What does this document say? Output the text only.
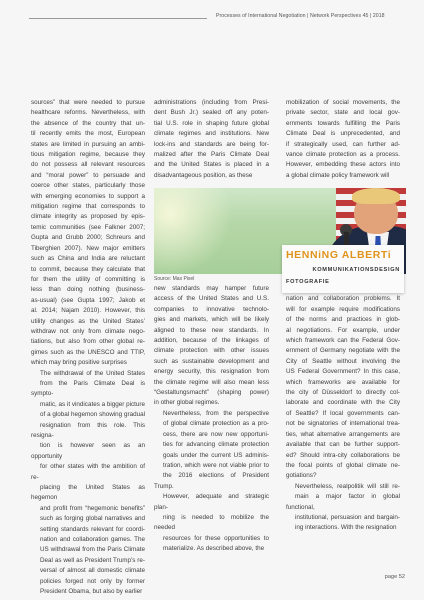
Processes of International Negotiation | Network Perspectives 45 | 2018

sources” that were needed to pursue
healthcare reforms. Nevertheless, with
the absence of the country that un-
til recently emits the most, European
states are limited in pursuing an ambi-
tious mitigation regime, because they
do not possess all relevant resources
and “moral power” to persuade and
coerce other states, particularly those
with emerging economies to support a
mitigation regime that corresponds to
climate integrity as proposed by epis-
temic communities (see Falkner 2007;
Gupta and Grubb 2000; Schreurs and
Tiberghien 2007). New major emitters
such as China and India are reluctant
to commit, because they calculate that
for them the utility of committing is
less than doing nothing (business-
as-usual) (see Gupta 1997; Jakob et
al. 2014; Najam 2010). However, this
utility changes as the United States’
withdraw not only from climate nego-
tiations, but also from other global re-
gimes such as the UNESCO and TTIP,
which may bring positive surprises

The withdrawal of the United States
from the Paris Climate Deal is sympto-
matic, as it vindicates a bigger picture
of a global hegemon showing gradual
resignation from this role. This resigna-
tion is however seen as an opportunity
for other states with the ambition of re-
placing the United States as hegemon
and profit from “hegemonic benefits”
such as forging global narratives and
setting standards relevant for coordi-
nation and collaboration games. The
US withdrawal from the Paris Climate
Deal as well as President Trump’s re-
versal of almost all domestic climate
policies forged not only by former
President Obama, but also by earlier

administrations (including from Presi-
dent Bush Jr.) sealed off any poten-
tial U.S. role in shaping future global
climate regimes and institutions. New
lock-ins and standards are being for-
malized after the Paris Climate Deal
and the United States is placed in a
disadvantageous position, as these

mobilization of social movements, the
private sector, state and local gov-
ernments towards fulfilling the Paris
Climate Deal is unprecedented, and
if strategically used, can further ad-
vance climate protection as a process.
However, embedding these actors into
a global climate policy framework will

Source: Max Pixel

new standards may hamper future
access of the United States and U.S.
companies to innovative technolo-
gies and markets, which will be likely
aligned to these new standards. In
addition, because of the linkages of
climate protection with other issues
such as sustainable development and
energy security, this resignation from
the climate regime will also mean less
“Gestaltungsmacht” (shaping power)
in other global regimes.

Nevertheless, from the perspective
of global climate protection as a pro-
cess, there are now new opportuni-
ties for advancing climate protection
goals under the current US adminis-
tration, which were not viable prior to
the 2016 elections of President Trump.
However, adequate and strategic plan-
ning is needed to mobilize the needed
resources for these opportunities to
materialize. As described above, the

nation and collaboration problems. It
will for example require modifications
of the norms and practices in glob-
al negotiations. For example, under
which framework can the Federal Gov-
ernment of Germany negotiate with the
City of Seattle without involving the
US Federal Government? In this case,
which frameworks are available for
the city of Düsseldorf to directly col-
laborate and coordinate with the City
of Seattle? If local governments can-
not be signatories of international trea-
ties, what alternative arrangements are
available that can be further support-
ed? Should intra-city collaborations be
the focal points of global climate ne-
gotiations?

Nevertheless, realpolitik will still re-
main a major factor in global functional,
institutional, persuasion and bargain-
ing interactions. With the resignation

HENNiNG ALBERTi
KOMMUNIKATIONSDESIGN
FOTOGRAFIE
page 52
